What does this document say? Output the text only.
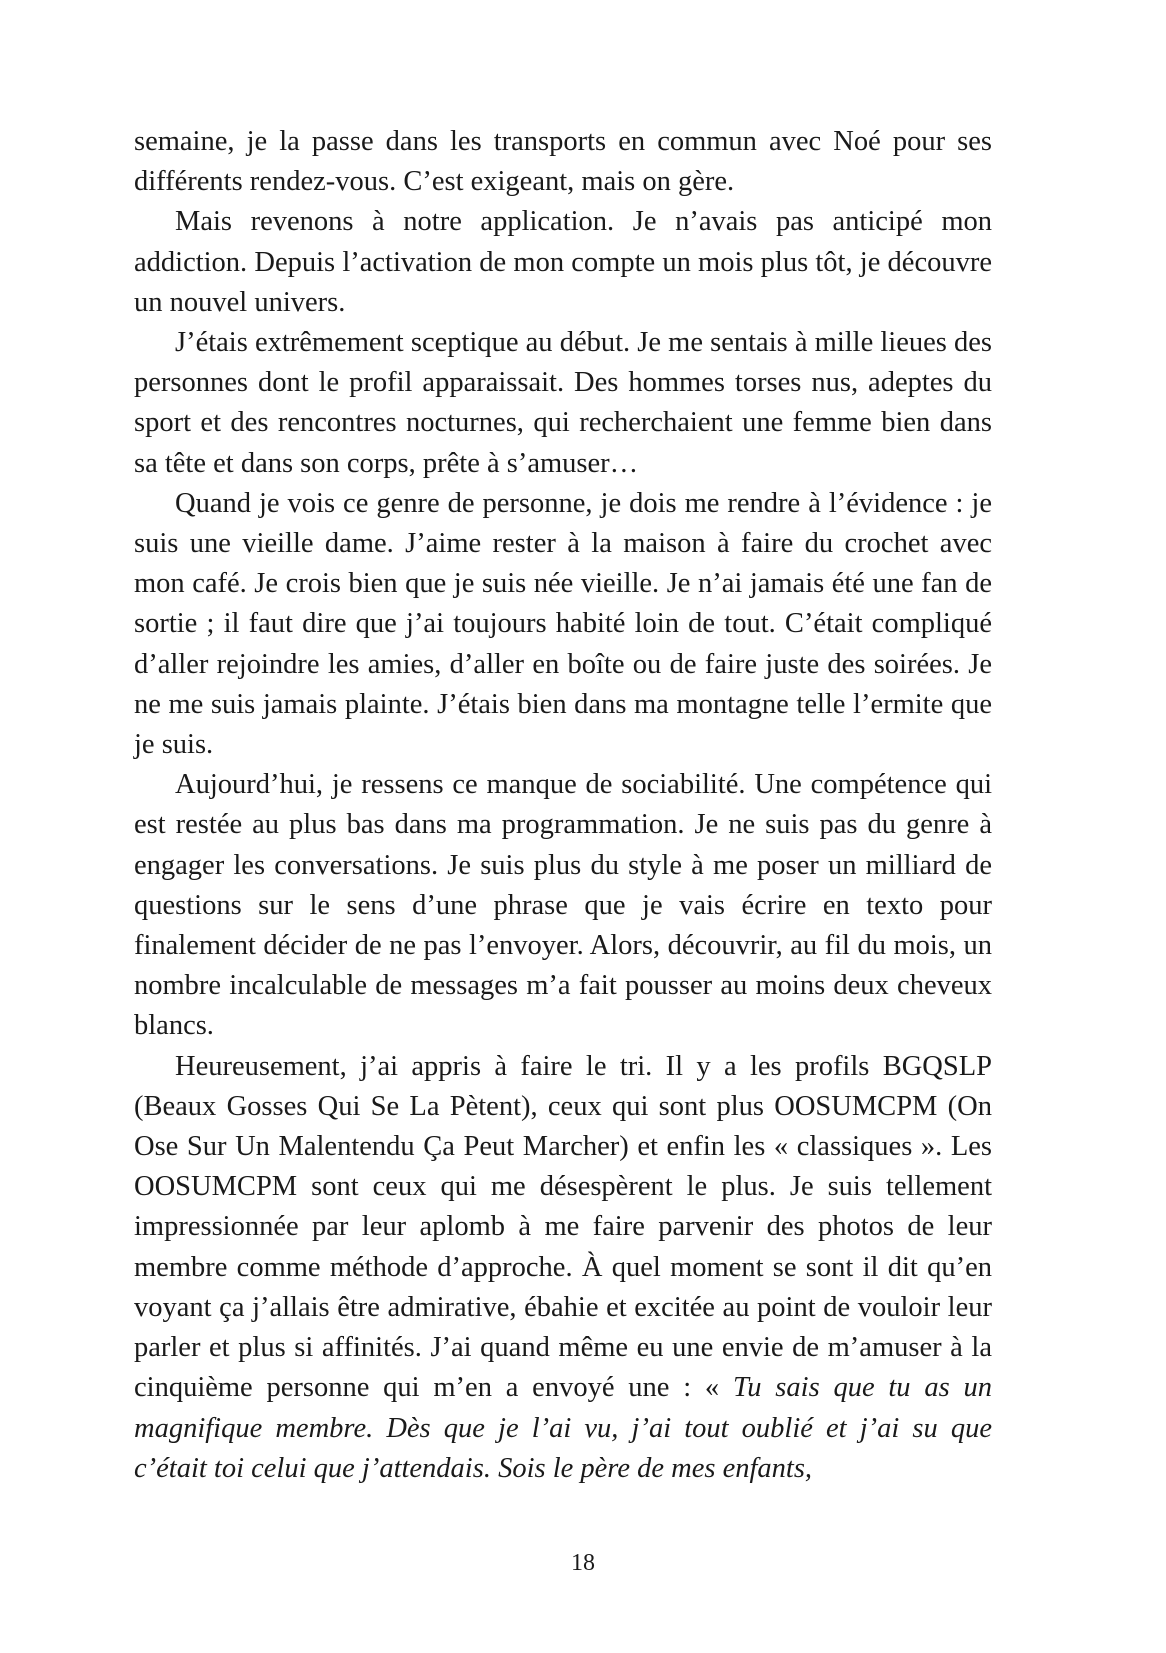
semaine, je la passe dans les transports en commun avec Noé pour ses différents rendez-vous. C’est exigeant, mais on gère.

Mais revenons à notre application. Je n’avais pas anticipé mon addiction. Depuis l’activation de mon compte un mois plus tôt, je découvre un nouvel univers.

J’étais extrêmement sceptique au début. Je me sentais à mille lieues des personnes dont le profil apparaissait. Des hommes torses nus, adeptes du sport et des rencontres nocturnes, qui recherchaient une femme bien dans sa tête et dans son corps, prête à s’amuser…

Quand je vois ce genre de personne, je dois me rendre à l’évidence : je suis une vieille dame. J’aime rester à la maison à faire du crochet avec mon café. Je crois bien que je suis née vieille. Je n’ai jamais été une fan de sortie ; il faut dire que j’ai toujours habité loin de tout. C’était compliqué d’aller rejoindre les amies, d’aller en boîte ou de faire juste des soirées. Je ne me suis jamais plainte. J’étais bien dans ma montagne telle l’ermite que je suis.

Aujourd’hui, je ressens ce manque de sociabilité. Une compétence qui est restée au plus bas dans ma programmation. Je ne suis pas du genre à engager les conversations. Je suis plus du style à me poser un milliard de questions sur le sens d’une phrase que je vais écrire en texto pour finalement décider de ne pas l’envoyer. Alors, découvrir, au fil du mois, un nombre incalculable de messages m’a fait pousser au moins deux cheveux blancs.

Heureusement, j’ai appris à faire le tri. Il y a les profils BGQSLP (Beaux Gosses Qui Se La Pètent), ceux qui sont plus OOSUMCPM (On Ose Sur Un Malentendu Ça Peut Marcher) et enfin les « classiques ». Les OOSUMCPM sont ceux qui me désespèrent le plus. Je suis tellement impressionnée par leur aplomb à me faire parvenir des photos de leur membre comme méthode d’approche. À quel moment se sont il dit qu’en voyant ça j’allais être admirative, ébahie et excitée au point de vouloir leur parler et plus si affinités. J’ai quand même eu une envie de m’amuser à la cinquième personne qui m’en a envoyé une : « Tu sais que tu as un magnifique membre. Dès que je l’ai vu, j’ai tout oublié et j’ai su que c’était toi celui que j’attendais. Sois le père de mes enfants,

18
